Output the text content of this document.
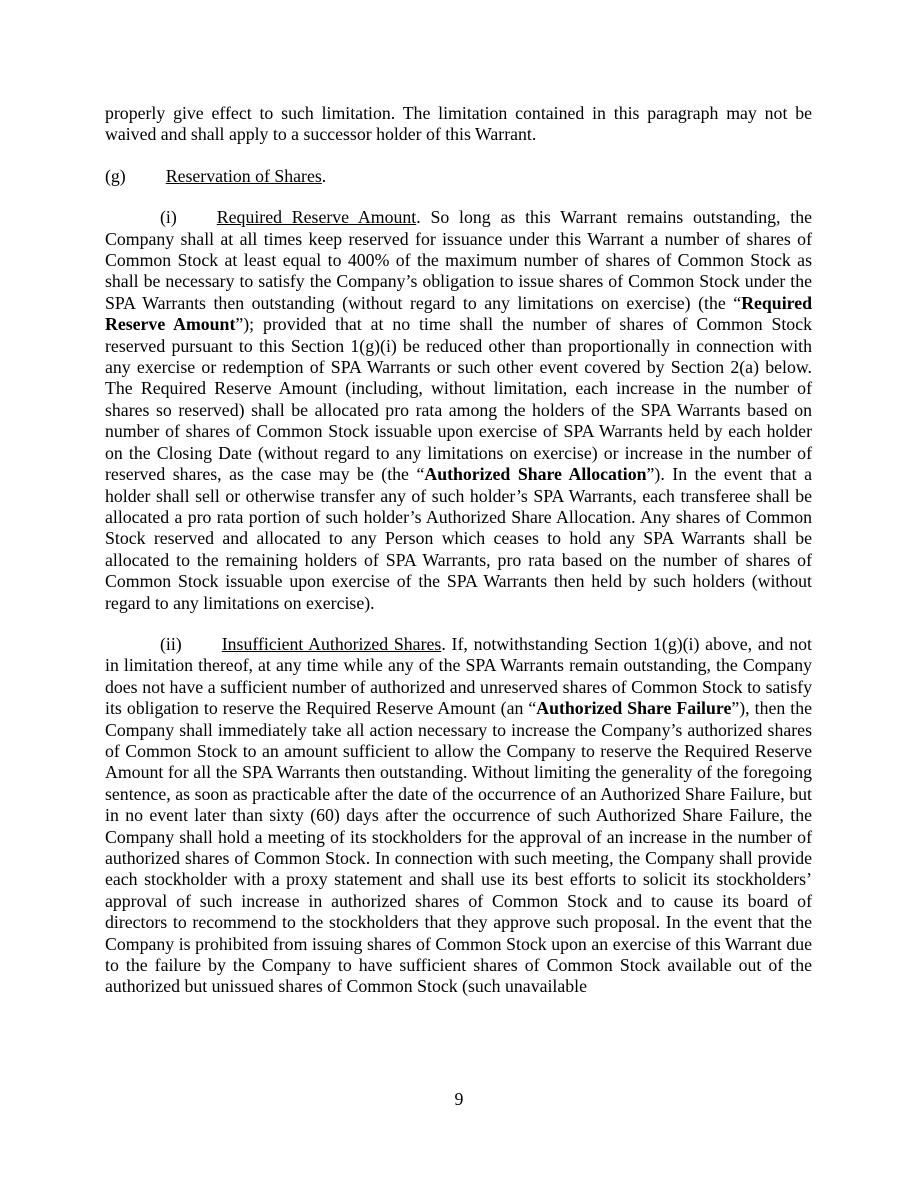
properly give effect to such limitation. The limitation contained in this paragraph may not be waived and shall apply to a successor holder of this Warrant.

(g) Reservation of Shares.

(i) Required Reserve Amount. So long as this Warrant remains outstanding, the Company shall at all times keep reserved for issuance under this Warrant a number of shares of Common Stock at least equal to 400% of the maximum number of shares of Common Stock as shall be necessary to satisfy the Company’s obligation to issue shares of Common Stock under the SPA Warrants then outstanding (without regard to any limitations on exercise) (the “Required Reserve Amount”); provided that at no time shall the number of shares of Common Stock reserved pursuant to this Section 1(g)(i) be reduced other than proportionally in connection with any exercise or redemption of SPA Warrants or such other event covered by Section 2(a) below. The Required Reserve Amount (including, without limitation, each increase in the number of shares so reserved) shall be allocated pro rata among the holders of the SPA Warrants based on number of shares of Common Stock issuable upon exercise of SPA Warrants held by each holder on the Closing Date (without regard to any limitations on exercise) or increase in the number of reserved shares, as the case may be (the “Authorized Share Allocation”). In the event that a holder shall sell or otherwise transfer any of such holder’s SPA Warrants, each transferee shall be allocated a pro rata portion of such holder’s Authorized Share Allocation. Any shares of Common Stock reserved and allocated to any Person which ceases to hold any SPA Warrants shall be allocated to the remaining holders of SPA Warrants, pro rata based on the number of shares of Common Stock issuable upon exercise of the SPA Warrants then held by such holders (without regard to any limitations on exercise).

(ii) Insufficient Authorized Shares. If, notwithstanding Section 1(g)(i) above, and not in limitation thereof, at any time while any of the SPA Warrants remain outstanding, the Company does not have a sufficient number of authorized and unreserved shares of Common Stock to satisfy its obligation to reserve the Required Reserve Amount (an “Authorized Share Failure”), then the Company shall immediately take all action necessary to increase the Company’s authorized shares of Common Stock to an amount sufficient to allow the Company to reserve the Required Reserve Amount for all the SPA Warrants then outstanding. Without limiting the generality of the foregoing sentence, as soon as practicable after the date of the occurrence of an Authorized Share Failure, but in no event later than sixty (60) days after the occurrence of such Authorized Share Failure, the Company shall hold a meeting of its stockholders for the approval of an increase in the number of authorized shares of Common Stock. In connection with such meeting, the Company shall provide each stockholder with a proxy statement and shall use its best efforts to solicit its stockholders’ approval of such increase in authorized shares of Common Stock and to cause its board of directors to recommend to the stockholders that they approve such proposal. In the event that the Company is prohibited from issuing shares of Common Stock upon an exercise of this Warrant due to the failure by the Company to have sufficient shares of Common Stock available out of the authorized but unissued shares of Common Stock (such unavailable

9
